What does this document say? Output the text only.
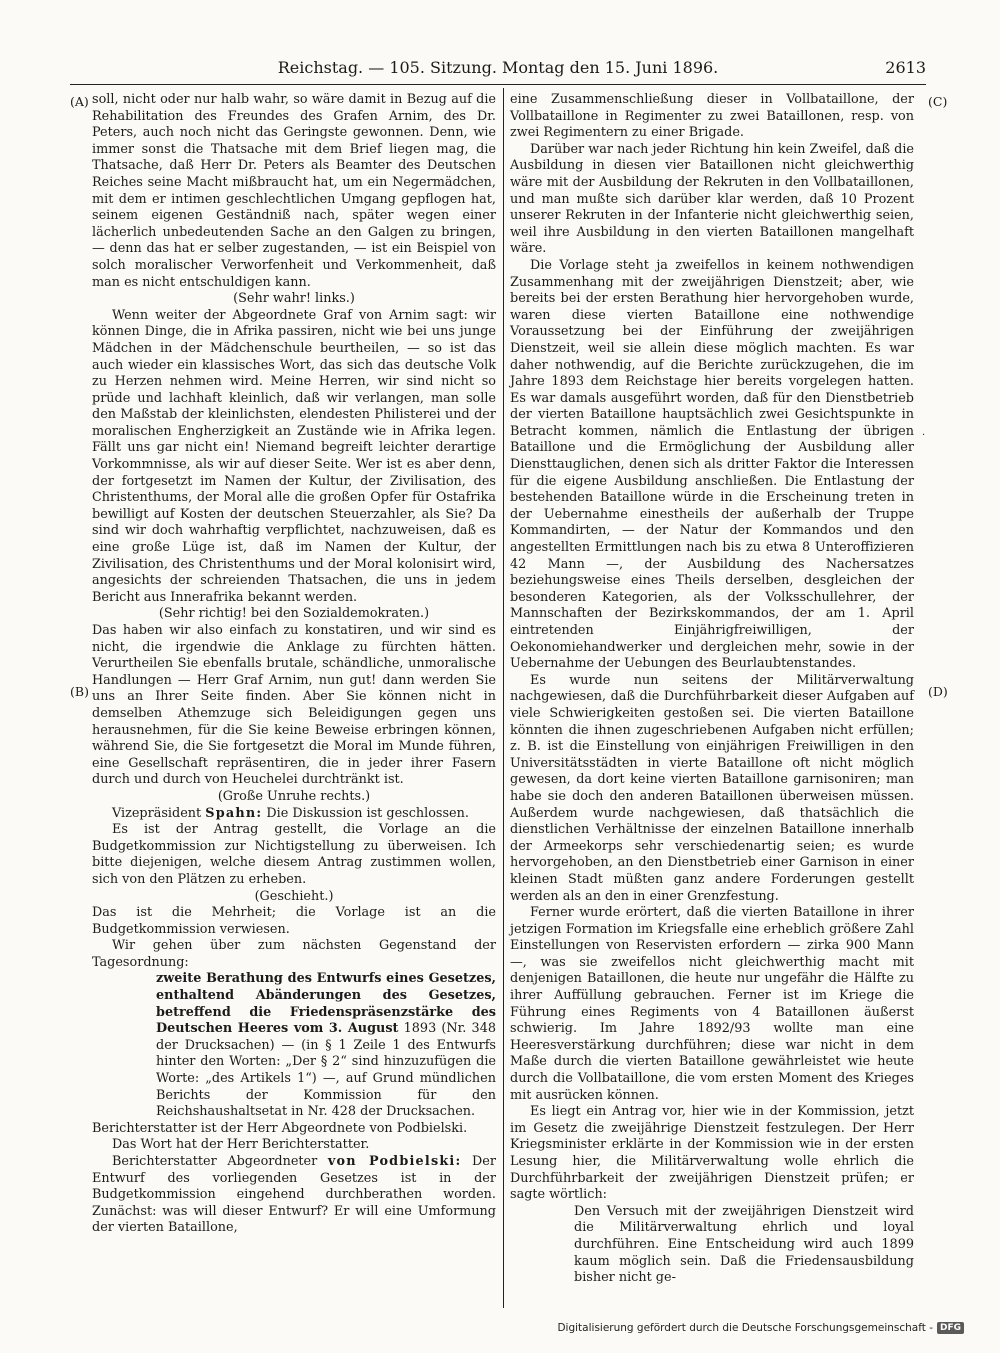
Reichstag. — 105. Sitzung. Montag den 15. Juni 1896.	2613
(A)
(B)
(C)
(D)

soll, nicht oder nur halb wahr, so wäre damit in Bezug auf die Rehabilitation des Freundes des Grafen Arnim, des Dr. Peters, auch noch nicht das Geringste gewonnen. Denn, wie immer sonst die Thatsache mit dem Brief liegen mag, die Thatsache, daß Herr Dr. Peters als Beamter des Deutschen Reiches seine Macht mißbraucht hat, um ein Negermädchen, mit dem er intimen geschlechtlichen Umgang gepflogen hat, seinem eigenen Geständniß nach, später wegen einer lächerlich unbedeutenden Sache an den Galgen zu bringen, — denn das hat er selber zugestanden, — ist ein Beispiel von solch moralischer Verworfenheit und Verkommenheit, daß man es nicht entschuldigen kann.

(Sehr wahr! links.)

Wenn weiter der Abgeordnete Graf von Arnim sagt: wir können Dinge, die in Afrika passiren, nicht wie bei uns junge Mädchen in der Mädchenschule beurtheilen, — so ist das auch wieder ein klassisches Wort, das sich das deutsche Volk zu Herzen nehmen wird. Meine Herren, wir sind nicht so prüde und lachhaft kleinlich, daß wir verlangen, man solle den Maßstab der kleinlichsten, elendesten Philisterei und der moralischen Engherzigkeit an Zustände wie in Afrika legen. Fällt uns gar nicht ein! Niemand begreift leichter derartige Vorkommnisse, als wir auf dieser Seite. Wer ist es aber denn, der fortgesetzt im Namen der Kultur, der Zivilisation, des Christenthums, der Moral alle die großen Opfer für Ostafrika bewilligt auf Kosten der deutschen Steuerzahler, als Sie? Da sind wir doch wahrhaftig verpflichtet, nachzuweisen, daß es eine große Lüge ist, daß im Namen der Kultur, der Zivilisation, des Christenthums und der Moral kolonisirt wird, angesichts der schreienden Thatsachen, die uns in jedem Bericht aus Innerafrika bekannt werden.

(Sehr richtig! bei den Sozialdemokraten.)

Das haben wir also einfach zu konstatiren, und wir sind es nicht, die irgendwie die Anklage zu fürchten hätten. Verurtheilen Sie ebenfalls brutale, schändliche, unmoralische Handlungen — Herr Graf Arnim, nun gut! dann werden Sie uns an Ihrer Seite finden. Aber Sie können nicht in demselben Athemzuge sich Beleidigungen gegen uns herausnehmen, für die Sie keine Beweise erbringen können, während Sie, die Sie fortgesetzt die Moral im Munde führen, eine Gesellschaft repräsentiren, die in jeder ihrer Fasern durch und durch von Heuchelei durchtränkt ist.

(Große Unruhe rechts.)

Vizepräsident Spahn: Die Diskussion ist geschlossen.

Es ist der Antrag gestellt, die Vorlage an die Budgetkommission zur Nichtigstellung zu überweisen. Ich bitte diejenigen, welche diesem Antrag zustimmen wollen, sich von den Plätzen zu erheben.

(Geschieht.)

Das ist die Mehrheit; die Vorlage ist an die Budgetkommission verwiesen.

Wir gehen über zum nächsten Gegenstand der Tagesordnung:

zweite Berathung des Entwurfs eines Gesetzes, enthaltend Abänderungen des Gesetzes, betreffend die Friedenspräsenzstärke des Deutschen Heeres vom 3. August 1893 (Nr. 348 der Drucksachen) — (in § 1 Zeile 1 des Entwurfs hinter den Worten: „Der § 2“ sind hinzuzufügen die Worte: „des Artikels 1“) —, auf Grund mündlichen Berichts der Kommission für den Reichshaushaltsetat in Nr. 428 der Drucksachen.

Berichterstatter ist der Herr Abgeordnete von Podbielski.

Das Wort hat der Herr Berichterstatter.

Berichterstatter Abgeordneter von Podbielski: Der Entwurf des vorliegenden Gesetzes ist in der Budgetkommission eingehend durchberathen worden. Zunächst: was will dieser Entwurf? Er will eine Umformung der vierten Bataillone,

eine Zusammenschließung dieser in Vollbataillone, der Vollbataillone in Regimenter zu zwei Bataillonen, resp. von zwei Regimentern zu einer Brigade.

Darüber war nach jeder Richtung hin kein Zweifel, daß die Ausbildung in diesen vier Bataillonen nicht gleichwerthig wäre mit der Ausbildung der Rekruten in den Vollbataillonen, und man mußte sich darüber klar werden, daß 10 Prozent unserer Rekruten in der Infanterie nicht gleichwerthig seien, weil ihre Ausbildung in den vierten Bataillonen mangelhaft wäre.

Die Vorlage steht ja zweifellos in keinem nothwendigen Zusammenhang mit der zweijährigen Dienstzeit; aber, wie bereits bei der ersten Berathung hier hervorgehoben wurde, waren diese vierten Bataillone eine nothwendige Voraussetzung bei der Einführung der zweijährigen Dienstzeit, weil sie allein diese möglich machten. Es war daher nothwendig, auf die Berichte zurückzugehen, die im Jahre 1893 dem Reichstage hier bereits vorgelegen hatten. Es war damals ausgeführt worden, daß für den Dienstbetrieb der vierten Bataillone hauptsächlich zwei Gesichtspunkte in Betracht kommen, nämlich die Entlastung der übrigen Bataillone und die Ermöglichung der Ausbildung aller Diensttauglichen, denen sich als dritter Faktor die Interessen für die eigene Ausbildung anschließen. Die Entlastung der bestehenden Bataillone würde in die Erscheinung treten in der Uebernahme einestheils der außerhalb der Truppe Kommandirten, — der Natur der Kommandos und den angestellten Ermittlungen nach bis zu etwa 8 Unteroffizieren 42 Mann —, der Ausbildung des Nachersatzes beziehungsweise eines Theils derselben, desgleichen der besonderen Kategorien, als der Volksschullehrer, der Mannschaften der Bezirkskommandos, der am 1. April eintretenden Einjährigfreiwilligen, der Oekonomiehandwerker und dergleichen mehr, sowie in der Uebernahme der Uebungen des Beurlaubtenstandes.

Es wurde nun seitens der Militärverwaltung nachgewiesen, daß die Durchführbarkeit dieser Aufgaben auf viele Schwierigkeiten gestoßen sei. Die vierten Bataillone könnten die ihnen zugeschriebenen Aufgaben nicht erfüllen; z. B. ist die Einstellung von einjährigen Freiwilligen in den Universitätsstädten in vierte Bataillone oft nicht möglich gewesen, da dort keine vierten Bataillone garnisoniren; man habe sie doch den anderen Bataillonen überweisen müssen. Außerdem wurde nachgewiesen, daß thatsächlich die dienstlichen Verhältnisse der einzelnen Bataillone innerhalb der Armeekorps sehr verschiedenartig seien; es wurde hervorgehoben, an den Dienstbetrieb einer Garnison in einer kleinen Stadt müßten ganz andere Forderungen gestellt werden als an den in einer Grenzfestung.

Ferner wurde erörtert, daß die vierten Bataillone in ihrer jetzigen Formation im Kriegsfalle eine erheblich größere Zahl Einstellungen von Reservisten erfordern — zirka 900 Mann —, was sie zweifellos nicht gleichwerthig macht mit denjenigen Bataillonen, die heute nur ungefähr die Hälfte zu ihrer Auffüllung gebrauchen. Ferner ist im Kriege die Führung eines Regiments von 4 Bataillonen äußerst schwierig. Im Jahre 1892/93 wollte man eine Heeresverstärkung durchführen; diese war nicht in dem Maße durch die vierten Bataillone gewährleistet wie heute durch die Vollbataillone, die vom ersten Moment des Krieges mit ausrücken können.

Es liegt ein Antrag vor, hier wie in der Kommission, jetzt im Gesetz die zweijährige Dienstzeit festzulegen. Der Herr Kriegsminister erklärte in der Kommission wie in der ersten Lesung hier, die Militärverwaltung wolle ehrlich die Durchführbarkeit der zweijährigen Dienstzeit prüfen; er sagte wörtlich:

Den Versuch mit der zweijährigen Dienstzeit wird die Militärverwaltung ehrlich und loyal durchführen. Eine Entscheidung wird auch 1899 kaum möglich sein. Daß die Friedensausbildung bisher nicht ge-

.
Digitalisierung gefördert durch die Deutsche Forschungsgemeinschaft - DFG
